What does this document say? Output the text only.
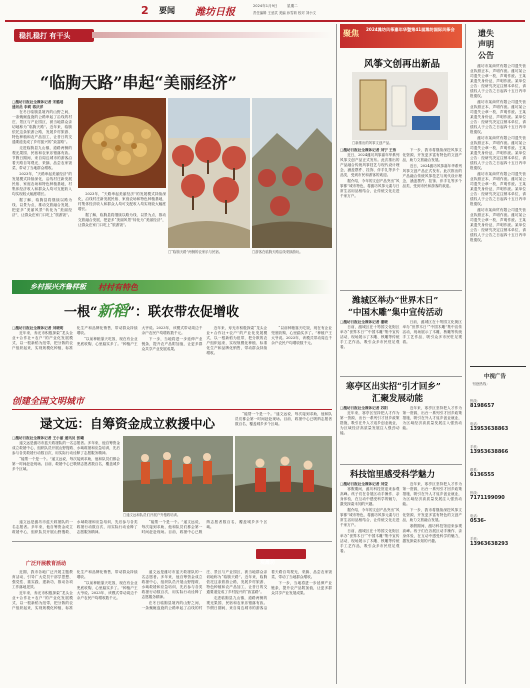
2 要闻 潍坊日报
2024年1月9日	星期二
责任编辑 王爱武 美编 孙雪莉 校对 刘小文
稳扎稳打 有干头
“临朐天路”串起“美丽经济”
□潍坊日报社全媒体记者 宋璐瑶
通讯员 李莉 蒋庆洋

在冬日临朐县境内的山野之间，一条蜿蜒盘旋的公路串起了沿线的村庄、景区与产业园区，被当地群众亲切地称为“临朐天路”。近年来，临朐依托这条旅游公路，发展乡村旅游、特色种植和农产品加工，让昔日的交通要道变成了乡村振兴的“致富路”。

走进临朐县九山镇，道路两侧的观光果园、民宿和农家乐错落有致。节假日期间，来自周边城市的游客沿着天路自驾观光，采摘、品尝农家饭菜，带动了当地群众增收。

2023年，“天路串起美丽经济”的发展模式持续深化，沿线村庄新发展民宿、家庭农场和特色种植基地，村集体经济收入和群众人均可支配收入均实现较大幅度增长。

据了解，临朐县将继续以路为线、以景为点，推动交旅融合发展，把更多“美丽风景”转化为“美丽经济”，让群众在家门口吃上“旅游饭”。

□“临朐天路”两侧的农家乐与民宿。	□游客在临朐天路沿线采摘游玩。

2023年，“天路串起美丽经济”的发展模式持续深化，沿线村庄新发展民宿、家庭农场和特色种植基地，村集体经济收入和群众人均可支配收入均实现较大幅度增长。

据了解，临朐县将继续以路为线、以景为点，推动交旅融合发展，把更多“美丽风景”转化为“美丽经济”，让群众在家门口吃上“旅游饭”。

乡村振兴齐鲁样板	村村有特色
一根“新稻”：联农带农促增收
□潍坊日报社全媒体记者 刘晓明

近年来，寿光市积极探索“龙头企业+合作社+农户”的产业化发展模式，以一根新稻为纽带，把分散的农户组织起来，实现规模化种植、标准化生产和品牌化销售，带动群众持续增收。

“以前种粮靠天吃饭，现在有企业兜底收购，心里踏实多了。”种植户王大爷说。2023年，该模式带动周边千余户农民户均增收数千元。

下一步，当地将进一步延伸产业链条，提升农产品附加值，让更多群众共享产业发展成果。

近年来，寿光市积极探索“龙头企业+合作社+农户”的产业化发展模式，以一根新稻为纽带，把分散的农户组织起来，实现规模化种植、标准化生产和品牌化销售，带动群众持续增收。

“以前种粮靠天吃饭，现在有企业兜底收购，心里踏实多了。”种植户王大爷说。2023年，该模式带动周边千余户农民户均增收数千元。

创建全国文明城市
逯文远：自筹资金成立救援中心
□潍坊日报社全媒体记者 王小丽 通讯员 张曦

逯文远是潍坊市蓝天救援队的一名志愿者。多年来，他自筹资金成立救援中心，组织队员开展山野搜救、水域救援和应急培训，先后参与各类救援行动数百次，用实际行动诠释了志愿服务精神。

“能帮一个是一个。”逯文远说，每次接到求助，他和队员们都会第一时间赶赴现场。目前，救援中心已吸纳志愿者数百名，覆盖城乡多个区域。

□逯文远和队员们开展户外搜救培训。

“能帮一个是一个。”逯文远说，每次接到求助，他和队员们都会第一时间赶赴现场。目前，救援中心已吸纳志愿者数百名，覆盖城乡多个区域。

逯文远是潍坊市蓝天救援队的一名志愿者。多年来，他自筹资金成立救援中心，组织队员开展山野搜救、水域救援和应急培训，先后参与各类救援行动数百次，用实际行动诠释了志愿服务精神。

“能帮一个是一个。”逯文远说，每次接到求助，他和队员们都会第一时间赶赴现场。目前，救援中心已吸纳志愿者数百名，覆盖城乡多个区域。

观潍坊
广泛开展教育活动

近期，我市各地广泛开展主题教育活动，引导广大党员干部学思想、强党性、重实践、建新功，推动各项工作落地见效。

近年来，寿光市积极探索“龙头企业+合作社+农户”的产业化发展模式，以一根新稻为纽带，把分散的农户组织起来，实现规模化种植、标准化生产和品牌化销售，带动群众持续增收。

“以前种粮靠天吃饭，现在有企业兜底收购，心里踏实多了。”种植户王大爷说。2023年，该模式带动周边千余户农民户均增收数千元。

逯文远是潍坊市蓝天救援队的一名志愿者。多年来，他自筹资金成立救援中心，组织队员开展山野搜救、水域救援和应急培训，先后参与各类救援行动数百次，用实际行动诠释了志愿服务精神。

在冬日临朐县境内的山野之间，一条蜿蜒盘旋的公路串起了沿线的村庄、景区与产业园区，被当地群众亲切地称为“临朐天路”。近年来，临朐依托这条旅游公路，发展乡村旅游、特色种植和农产品加工，让昔日的交通要道变成了乡村振兴的“致富路”。

走进临朐县九山镇，道路两侧的观光果园、民宿和农家乐错落有致。节假日期间，来自周边城市的游客沿着天路自驾观光，采摘、品尝农家饭菜，带动了当地群众增收。

下一步，当地将进一步延伸产业链条，提升农产品附加值，让更多群众共享产业发展成果。

聚焦 2024潍坊风筝嘉年华暨第41届潍坊国际风筝会
风筝文创再出新品
□新推出的风筝文创产品。
□潍坊日报社全媒体记者 刘宁 王伟

近日，2024潍坊风筝嘉年华系列风筝文创产品正式发布。此次推出的产品融合传统风筝技艺与现代设计理念，涵盖摆件、挂饰、伴手礼等多个品类，受到市民和游客的欢迎。

据介绍，今年的文创产品突出“风筝都”城市特色，将潍坊风筝元素与日常生活用品相结合，让传统文化走进千家万户。

下一步，我市将继续深挖风筝文化资源，开发更多富有特色的文创产品，助力文旅融合发展。

近日，2024潍坊风筝嘉年华系列风筝文创产品正式发布。此次推出的产品融合传统风筝技艺与现代设计理念，涵盖摆件、挂饰、伴手礼等多个品类，受到市民和游客的欢迎。

潍城区举办“世界木日”
“中国木雕”集中宣传活动
□潍坊日报社全媒体记者 潘晓

日前，潍城区在十笏园文化街区举办“世界木日”“中国木雕”集中宣传活动，现场展示了木雕、核雕等传统手工艺作品，吸引众多市民驻足观看。

日前，潍城区在十笏园文化街区举办“世界木日”“中国木雕”集中宣传活动，现场展示了木雕、核雕等传统手工艺作品，吸引众多市民驻足观看。

寒亭区出实招“引才回乡”
汇聚发展动能
□潍坊日报社全媒体记者 苏阳

近年来，寒亭区坚持把人才作为第一资源，出台一系列引才回乡政策措施，吸引在外人才返乡创业就业，为区域经济高质量发展注入强劲动能。

近年来，寒亭区坚持把人才作为第一资源，出台一系列引才回乡政策措施，吸引在外人才返乡创业就业，为区域经济高质量发展注入强劲动能。

科技馆里感受科学魅力
□潍坊日报社全媒体记者 刘莹

寒假期间，潍坊科技馆迎来参观高峰。孩子们在各展区动手操作、亲身体验，在互动中感受科学的魅力，激发探索未知的兴趣。

据介绍，今年的文创产品突出“风筝都”城市特色，将潍坊风筝元素与日常生活用品相结合，让传统文化走进千家万户。

日前，潍城区在十笏园文化街区举办“世界木日”“中国木雕”集中宣传活动，现场展示了木雕、核雕等传统手工艺作品，吸引众多市民驻足观看。

近年来，寒亭区坚持把人才作为第一资源，出台一系列引才回乡政策措施，吸引在外人才返乡创业就业，为区域经济高质量发展注入强劲动能。

下一步，我市将继续深挖风筝文化资源，开发更多富有特色的文创产品，助力文旅融合发展。

寒假期间，潍坊科技馆迎来参观高峰。孩子们在各展区动手操作、亲身体验，在互动中感受科学的魅力，激发探索未知的兴趣。

遗失
声明
公告

潍坊市某商贸有限公司遗失营业执照正本，声明作废。潍坊某公司遗失公章一枚，声明作废。王某某遗失身份证，声明作废。某单位公告：经研究决定注销本单位，请债权人于公告之日起四十五日内申报债权。

潍坊市某商贸有限公司遗失营业执照正本，声明作废。潍坊某公司遗失公章一枚，声明作废。王某某遗失身份证，声明作废。某单位公告：经研究决定注销本单位，请债权人于公告之日起四十五日内申报债权。

潍坊市某商贸有限公司遗失营业执照正本，声明作废。潍坊某公司遗失公章一枚，声明作废。王某某遗失身份证，声明作废。某单位公告：经研究决定注销本单位，请债权人于公告之日起四十五日内申报债权。

潍坊市某商贸有限公司遗失营业执照正本，声明作废。潍坊某公司遗失公章一枚，声明作废。王某某遗失身份证，声明作废。某单位公告：经研究决定注销本单位，请债权人于公告之日起四十五日内申报债权。

潍坊市某商贸有限公司遗失营业执照正本，声明作废。潍坊某公司遗失公章一枚，声明作废。王某某遗失身份证，声明作废。某单位公告：经研究决定注销本单位，请债权人于公告之日起四十五日内申报债权。

中视广告
刊登热线：
热线：
8198657
电话：
13953638863
手机：
13953638866
联系：
6136555
热线：
7171199090
电话：
0536-
手机：
13963638293
